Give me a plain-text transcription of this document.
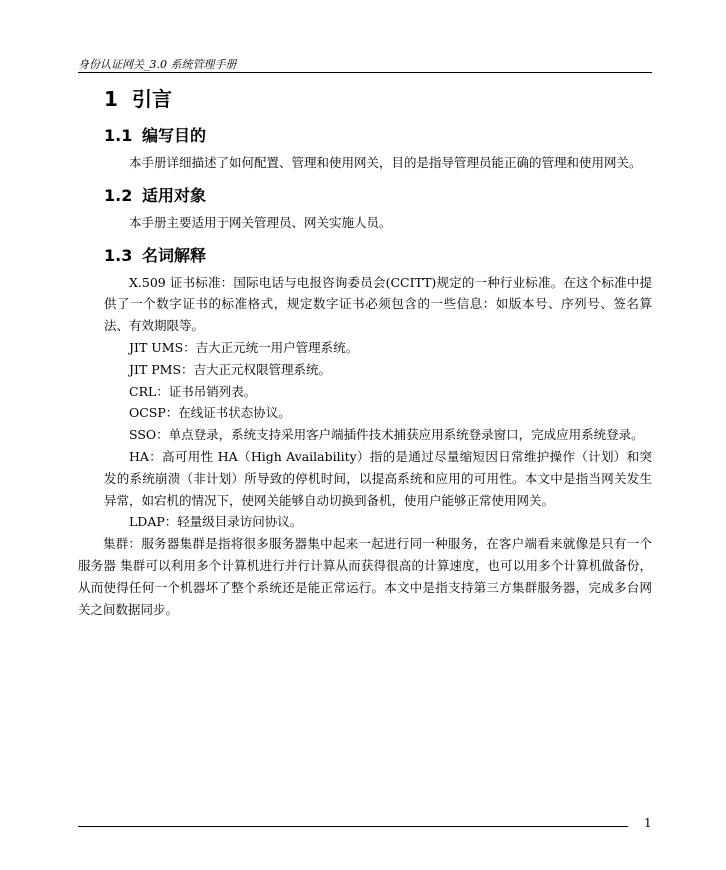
身份认证网关_3.0 系统管理手册
1 引言
1.1 编写目的

本手册详细描述了如何配置、管理和使用网关，目的是指导管理员能正确的管理和使用网关。

1.2 适用对象

本手册主要适用于网关管理员、网关实施人员。

1.3 名词解释

X.509 证书标准：国际电话与电报咨询委员会(CCITT)规定的一种行业标准。在这个标准中提供了一个数字证书的标准格式，规定数字证书必须包含的一些信息：如版本号、序列号、签名算法、有效期限等。

JIT UMS：吉大正元统一用户管理系统。

JIT PMS：吉大正元权限管理系统。

CRL：证书吊销列表。

OCSP：在线证书状态协议。

SSO：单点登录，系统支持采用客户端插件技术捕获应用系统登录窗口，完成应用系统登录。

HA：高可用性 HA（High Availability）指的是通过尽量缩短因日常维护操作（计划）和突发的系统崩溃（非计划）所导致的停机时间，以提高系统和应用的可用性。本文中是指当网关发生异常，如宕机的情况下，使网关能够自动切换到备机，使用户能够正常使用网关。

LDAP：轻量级目录访问协议。

集群：服务器集群是指将很多服务器集中起来一起进行同一种服务，在客户端看来就像是只有一个服务器 集群可以利用多个计算机进行并行计算从而获得很高的计算速度，也可以用多个计算机做备份，从而使得任何一个机器坏了整个系统还是能正常运行。本文中是指支持第三方集群服务器，完成多台网关之间数据同步。

1
